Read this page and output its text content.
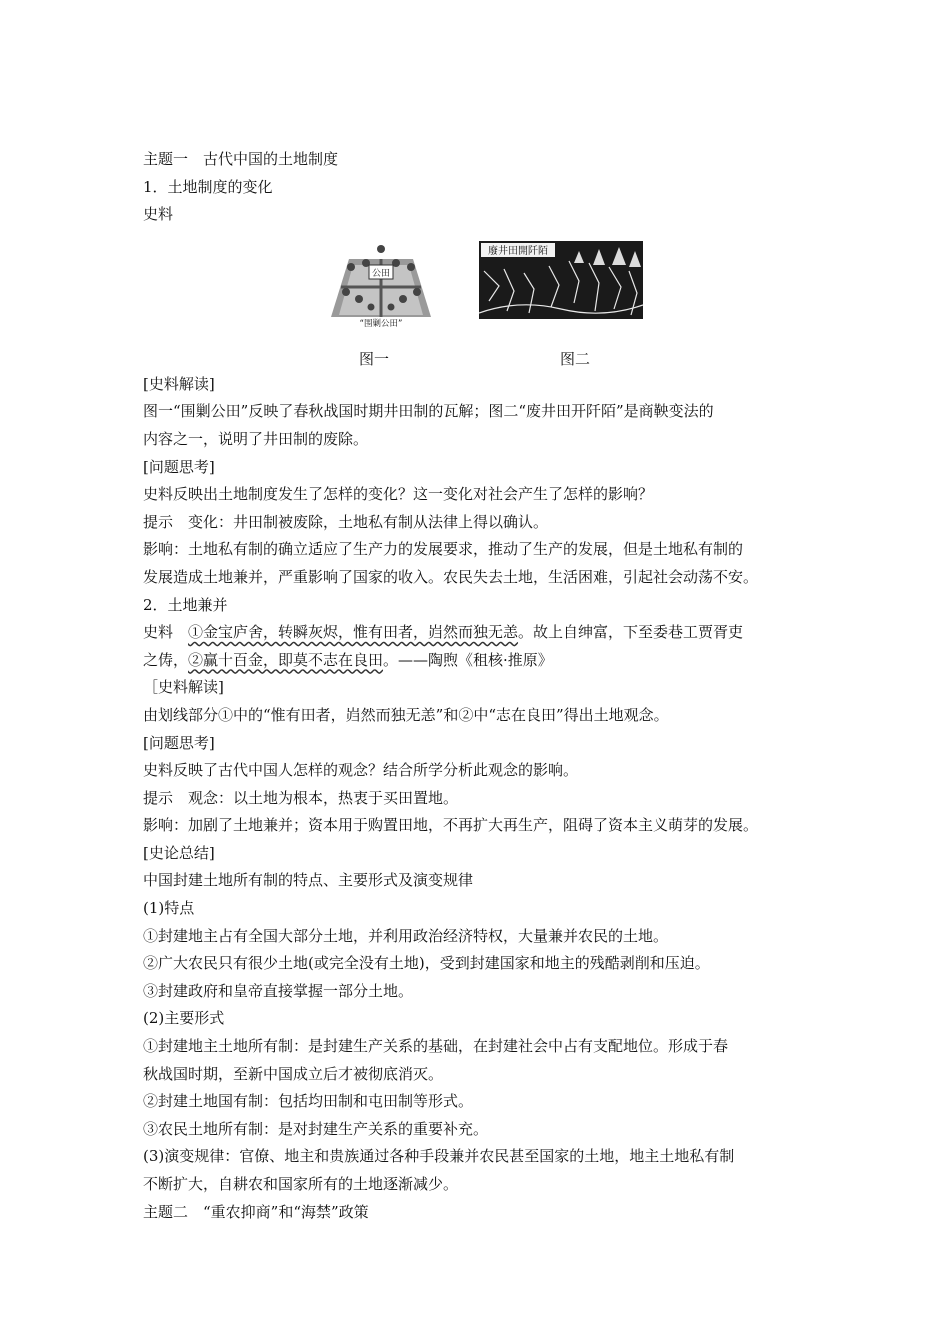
主题一　古代中国的土地制度
1．土地制度的变化
史料
公田
“围剿公田”
廢井田開阡陌
图一	图二
[史料解读]
图一“围剿公田”反映了春秋战国时期井田制的瓦解；图二“废井田开阡陌”是商鞅变法的
内容之一，说明了井田制的废除。
[问题思考]
史料反映出土地制度发生了怎样的变化？这一变化对社会产生了怎样的影响？
提示　变化：井田制被废除，土地私有制从法律上得以确认。
影响：土地私有制的确立适应了生产力的发展要求，推动了生产的发展，但是土地私有制的
发展造成土地兼并，严重影响了国家的收入。农民失去土地，生活困难，引起社会动荡不安。
2．土地兼并
史料　①金宝庐舍，转瞬灰烬，惟有田者，岿然而独无恙。故上自绅富，下至委巷工贾胥吏
之俦，②赢十百金，即莫不志在良田。——陶煦《租核·推原》
［史料解读]
由划线部分①中的“惟有田者，岿然而独无恙”和②中“志在良田”得出土地观念。
[问题思考]
史料反映了古代中国人怎样的观念？结合所学分析此观念的影响。
提示　观念：以土地为根本，热衷于买田置地。
影响：加剧了土地兼并；资本用于购置田地，不再扩大再生产，阻碍了资本主义萌芽的发展。
[史论总结]
中国封建土地所有制的特点、主要形式及演变规律
(1)特点
①封建地主占有全国大部分土地，并利用政治经济特权，大量兼并农民的土地。
②广大农民只有很少土地(或完全没有土地)，受到封建国家和地主的残酷剥削和压迫。
③封建政府和皇帝直接掌握一部分土地。
(2)主要形式
①封建地主土地所有制：是封建生产关系的基础，在封建社会中占有支配地位。形成于春
秋战国时期，至新中国成立后才被彻底消灭。
②封建土地国有制：包括均田制和屯田制等形式。
③农民土地所有制：是对封建生产关系的重要补充。
(3)演变规律：官僚、地主和贵族通过各种手段兼并农民甚至国家的土地，地主土地私有制
不断扩大，自耕农和国家所有的土地逐渐减少。
主题二　“重农抑商”和“海禁”政策
